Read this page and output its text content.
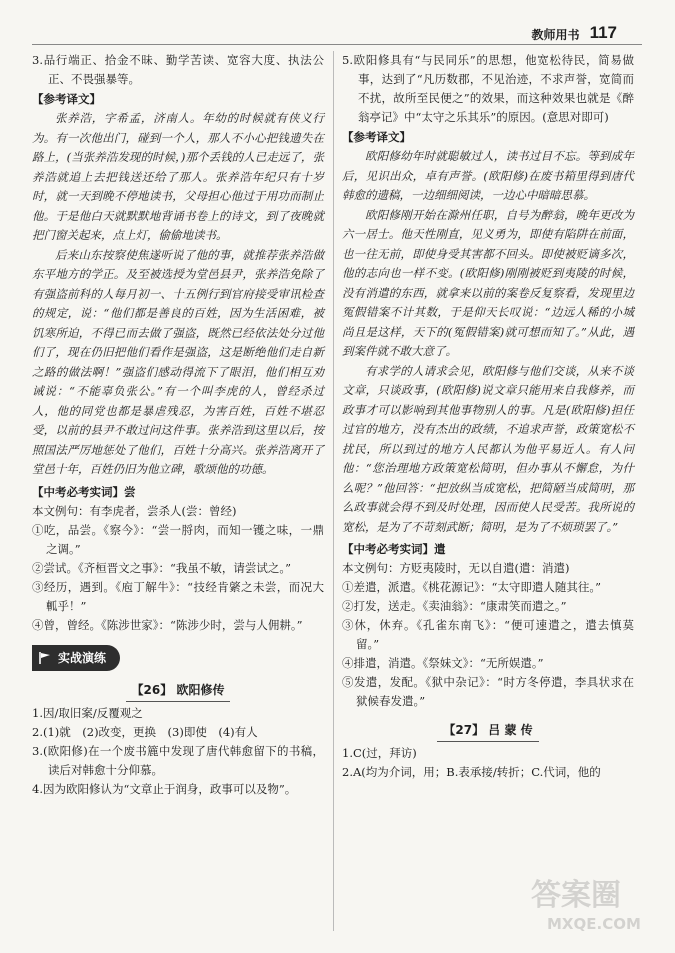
教师用书 117

3.品行端正、拾金不昧、勤学苦读、宽容大度、执法公正、不畏强暴等。

【参考译文】

张养浩，字希孟，济南人。年幼的时候就有侠义行为。有一次他出门，碰到一个人，那人不小心把钱遗失在路上，(当张养浩发现的时候，)那个丢钱的人已走远了，张养浩就追上去把钱送还给了那人。张养浩年纪只有十岁时，就一天到晚不停地读书，父母担心他过于用功而制止他。于是他白天就默默地背诵书卷上的诗文，到了夜晚就把门窗关起来，点上灯，偷偷地读书。

后来山东按察使焦遂听说了他的事，就推荐张养浩做东平地方的学正。及至被选授为堂邑县尹，张养浩免除了有强盗前科的人每月初一、十五例行到官府接受审讯检查的规定，说：“他们都是善良的百姓，因为生活困难，被饥寒所迫，不得已而去做了强盗，既然已经依法处分过他们了，现在仍旧把他们看作是强盗，这是断绝他们走自新之路的做法啊！”强盗们感动得流下了眼泪，他们相互劝诫说：“不能辜负张公。”有一个叫李虎的人，曾经杀过人，他的同党也都是暴虐残忍，为害百姓，百姓不堪忍受，以前的县尹不敢过问这件事。张养浩到这里以后，按照国法严厉地惩处了他们，百姓十分高兴。张养浩离开了堂邑十年，百姓仍旧为他立碑，歌颂他的功德。

【中考必考实词】尝

本文例句：有李虎者，尝杀人(尝：曾经)

①吃，品尝。《察今》：“尝一脟肉，而知一镬之味，一鼎之调。”

②尝试。《齐桓晋文之事》：“我虽不敏，请尝试之。”

③经历，遇到。《庖丁解牛》：“技经肯綮之未尝，而况大軱乎！”

④曾，曾经。《陈涉世家》：“陈涉少时，尝与人佣耕。”

实战演练
【26】 欧阳修传

1.因/取旧案/反覆观之

2.(1)就　(2)改变，更换　(3)即使　(4)有人

3.(欧阳修)在一个废书簏中发现了唐代韩愈留下的书稿，读后对韩愈十分仰慕。

4.因为欧阳修认为“文章止于润身，政事可以及物”。

5.欧阳修具有“与民同乐”的思想，他宽松待民，简易做事，达到了“凡历数郡，不见治迹，不求声誉，宽简而不扰，故所至民便之”的效果，而这种效果也就是《醉翁亭记》中“太守之乐其乐”的原因。(意思对即可)

【参考译文】

欧阳修幼年时就聪敏过人，读书过目不忘。等到成年后，见识出众，卓有声誉。(欧阳修)在废书箱里得到唐代韩愈的遗稿，一边细细阅读，一边心中暗暗思慕。

欧阳修刚开始在滁州任职，自号为醉翁，晚年更改为六一居士。他天性刚直，见义勇为，即使有陷阱在前面，也一往无前，即使身受其害都不回头。即使被贬谪多次，他的志向也一样不变。(欧阳修)刚刚被贬到夷陵的时候，没有消遣的东西，就拿来以前的案卷反复察看，发现里边冤假错案不计其数，于是仰天长叹说：“边远人稀的小城尚且是这样，天下的(冤假错案)就可想而知了。”从此，遇到案件就不敢大意了。

有求学的人请求会见，欧阳修与他们交谈，从来不谈文章，只谈政事，(欧阳修)说文章只能用来自我修养，而政事才可以影响到其他事物别人的事。凡是(欧阳修)担任过官的地方，没有杰出的政绩，不追求声誉，政策宽松不扰民，所以到过的地方人民都认为他平易近人。有人问他：“您治理地方政策宽松简明，但办事从不懈怠，为什么呢？”他回答：“把放纵当成宽松，把简陋当成简明，那么政事就会得不到及时处理，因而使人民受苦。我所说的宽松，是为了不苛刻武断；简明，是为了不烦琐罢了。”

【中考必考实词】遣

本文例句：方贬夷陵时，无以自遣(遣：消遣)

①差遣，派遣。《桃花源记》：“太守即遣人随其往。”

②打发，送走。《卖油翁》：“康肃笑而遣之。”

③休，休弃。《孔雀东南飞》：“便可速遣之，遣去慎莫留。”

④排遣，消遣。《祭妹文》：“无所娱遣。”

⑤发遣，发配。《狱中杂记》：“时方冬停遣，李具状求在狱候春发遣。”

【27】 吕 蒙 传

1.C(过，拜访)

2.A(均为介词，用；B.表承接/转折；C.代词，他的

答案圈
MXQE.COM
